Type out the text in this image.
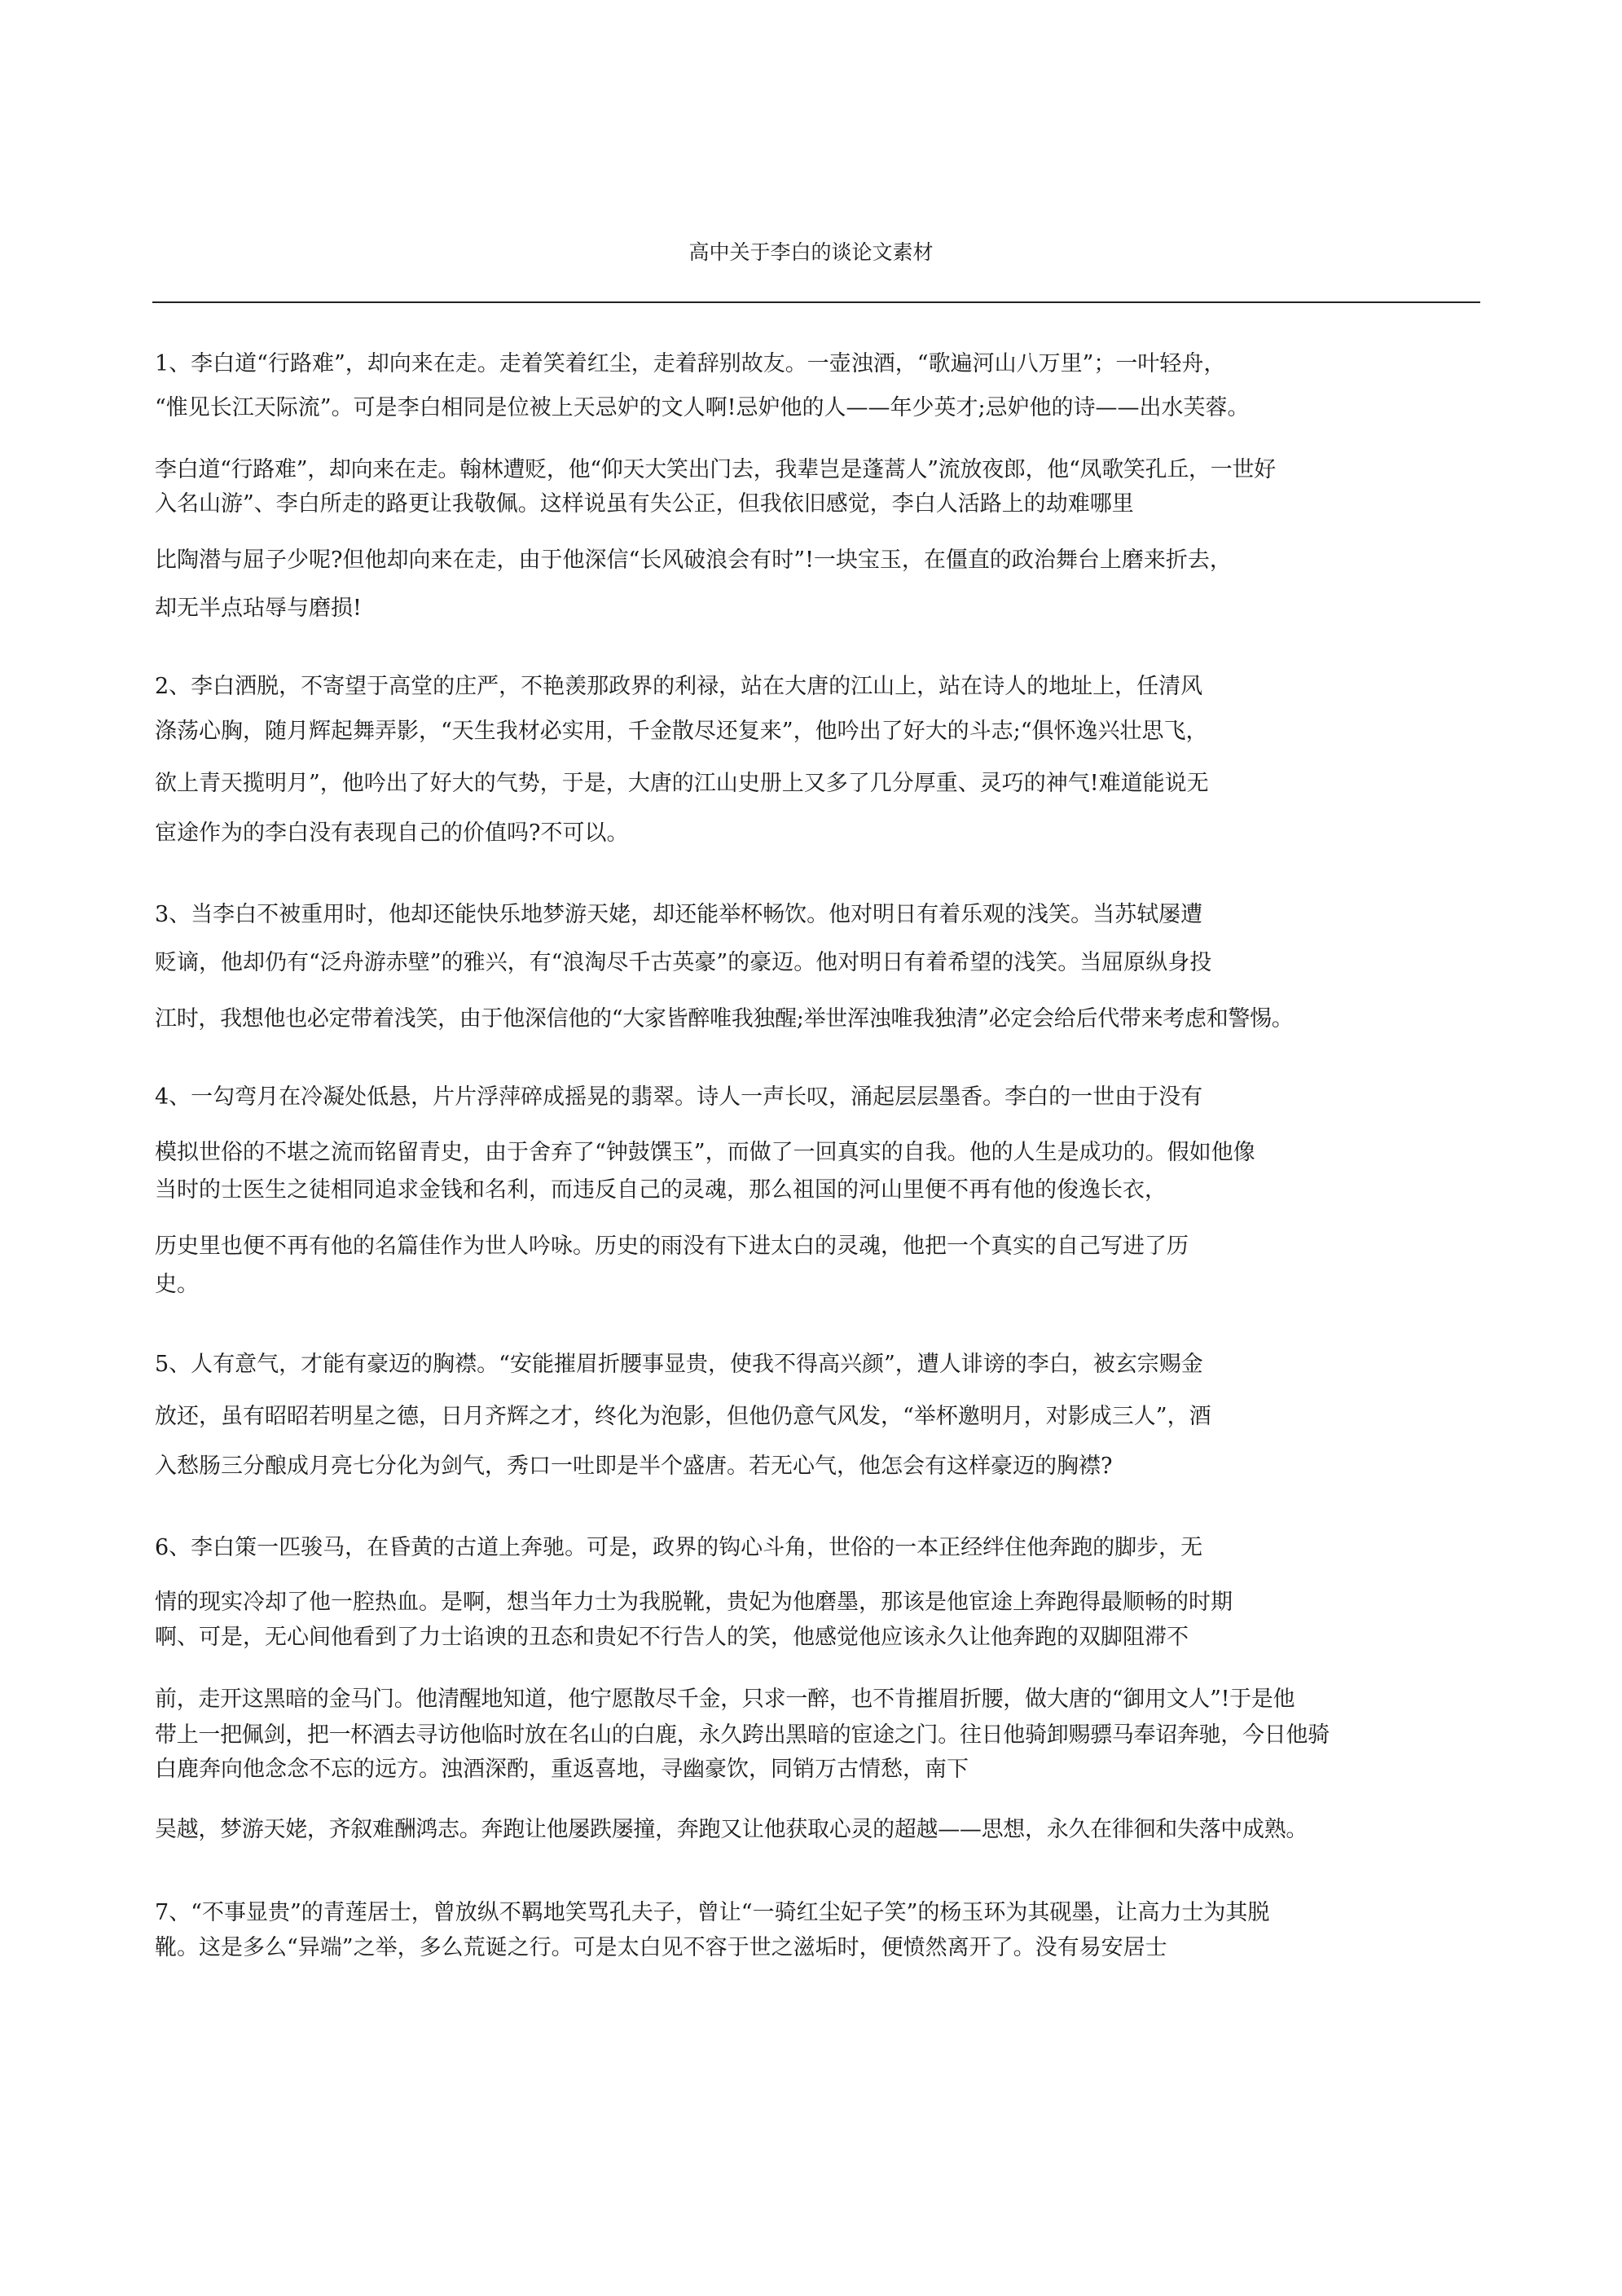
高中关于李白的谈论文素材
1、李白道“行路难”，却向来在走。走着笑着红尘，走着辞别故友。一壶浊酒，“歌遍河山八万里”；一叶轻舟，
“惟见长江天际流”。可是李白相同是位被上天忌妒的文人啊!忌妒他的人——年少英才;忌妒他的诗——出水芙蓉。
李白道“行路难”，却向来在走。翰林遭贬，他“仰天大笑出门去，我辈岂是蓬蒿人”流放夜郎，他“凤歌笑孔丘，一世好
入名山游”、李白所走的路更让我敬佩。这样说虽有失公正，但我依旧感觉，李白人活路上的劫难哪里
比陶潜与屈子少呢?但他却向来在走，由于他深信“长风破浪会有时”!一块宝玉，在僵直的政治舞台上磨来折去，
却无半点玷辱与磨损!
2、李白洒脱，不寄望于高堂的庄严，不艳羡那政界的利禄，站在大唐的江山上，站在诗人的地址上，任清风
涤荡心胸，随月辉起舞弄影，“天生我材必实用，千金散尽还复来”，他吟出了好大的斗志;“俱怀逸兴壮思飞，
欲上青天揽明月”，他吟出了好大的气势，于是，大唐的江山史册上又多了几分厚重、灵巧的神气!难道能说无
宦途作为的李白没有表现自己的价值吗?不可以。
3、当李白不被重用时，他却还能快乐地梦游天姥，却还能举杯畅饮。他对明日有着乐观的浅笑。当苏轼屡遭
贬谪，他却仍有“泛舟游赤壁”的雅兴，有“浪淘尽千古英豪”的豪迈。他对明日有着希望的浅笑。当屈原纵身投
江时，我想他也必定带着浅笑，由于他深信他的“大家皆醉唯我独醒;举世浑浊唯我独清”必定会给后代带来考虑和警惕。
4、一勾弯月在冷凝处低悬，片片浮萍碎成摇晃的翡翠。诗人一声长叹，涌起层层墨香。李白的一世由于没有
模拟世俗的不堪之流而铭留青史，由于舍弃了“钟鼓馔玉”，而做了一回真实的自我。他的人生是成功的。假如他像
当时的士医生之徒相同追求金钱和名利，而违反自己的灵魂，那么祖国的河山里便不再有他的俊逸长衣，
历史里也便不再有他的名篇佳作为世人吟咏。历史的雨没有下进太白的灵魂，他把一个真实的自己写进了历
史。
5、人有意气，才能有豪迈的胸襟。“安能摧眉折腰事显贵，使我不得高兴颜”，遭人诽谤的李白，被玄宗赐金
放还，虽有昭昭若明星之德，日月齐辉之才，终化为泡影，但他仍意气风发，“举杯邀明月，对影成三人”，酒
入愁肠三分酿成月亮七分化为剑气，秀口一吐即是半个盛唐。若无心气，他怎会有这样豪迈的胸襟?
6、李白策一匹骏马，在昏黄的古道上奔驰。可是，政界的钩心斗角，世俗的一本正经绊住他奔跑的脚步，无
情的现实冷却了他一腔热血。是啊，想当年力士为我脱靴，贵妃为他磨墨，那该是他宦途上奔跑得最顺畅的时期
啊、可是，无心间他看到了力士谄谀的丑态和贵妃不行告人的笑，他感觉他应该永久让他奔跑的双脚阻滞不
前，走开这黑暗的金马门。他清醒地知道，他宁愿散尽千金，只求一醉，也不肯摧眉折腰，做大唐的“御用文人”!于是他
带上一把佩剑，把一杯酒去寻访他临时放在名山的白鹿，永久跨出黑暗的宦途之门。往日他骑卸赐骠马奉诏奔驰，今日他骑
白鹿奔向他念念不忘的远方。浊酒深酌，重返喜地，寻幽豪饮，同销万古情愁，南下
吴越，梦游天姥，齐叙难酬鸿志。奔跑让他屡跌屡撞，奔跑又让他获取心灵的超越——思想，永久在徘徊和失落中成熟。
7、“不事显贵”的青莲居士，曾放纵不羁地笑骂孔夫子，曾让“一骑红尘妃子笑”的杨玉环为其砚墨，让高力士为其脱
靴。这是多么“异端”之举，多么荒诞之行。可是太白见不容于世之滋垢时，便愤然离开了。没有易安居士
